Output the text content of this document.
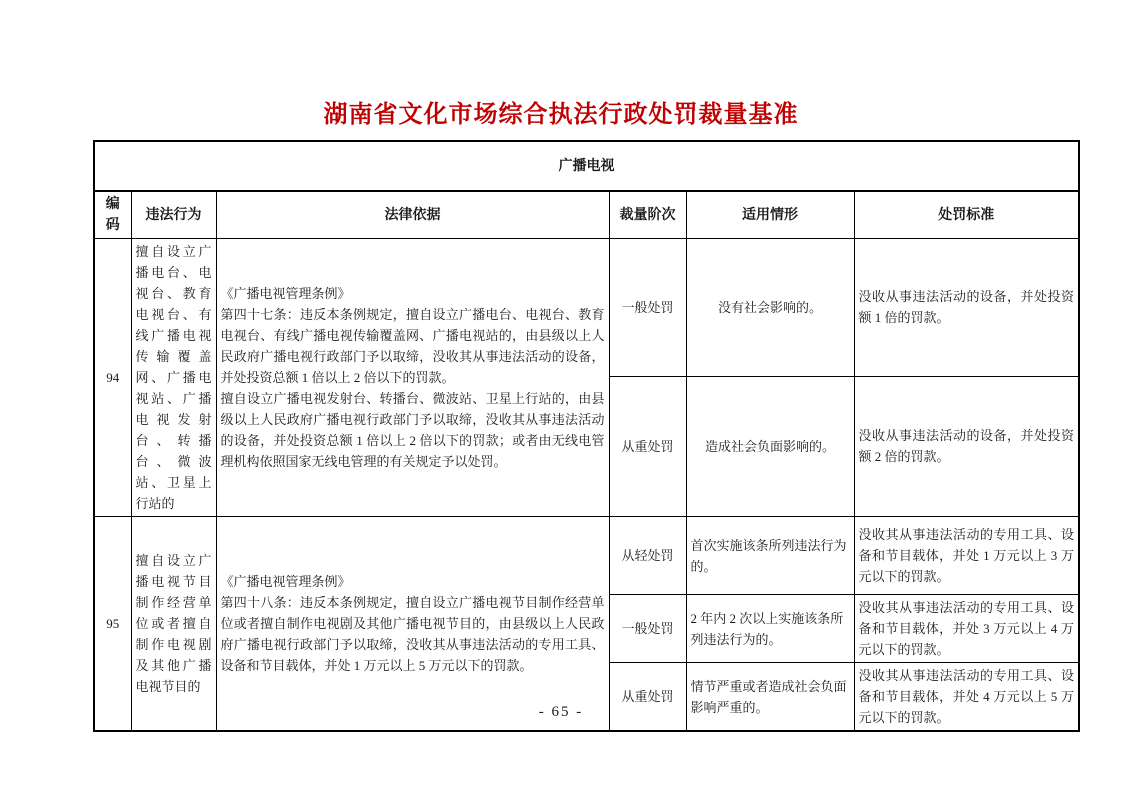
湖南省文化市场综合执法行政处罚裁量基准
广播电视					
编码	违法行为	法律依据	裁量阶次	适用情形	处罚标准
94	擅自设立广播电台、电视台、教育电视台、有线广播电视传输覆盖网、广播电视站、广播电视发射台、转播台、微波站、卫星上行站的	《广播电视管理条例》
第四十七条：违反本条例规定，擅自设立广播电台、电视台、教育电视台、有线广播电视传输覆盖网、广播电视站的，由县级以上人民政府广播电视行政部门予以取缔，没收其从事违法活动的设备，并处投资总额 1 倍以上 2 倍以下的罚款。
擅自设立广播电视发射台、转播台、微波站、卫星上行站的，由县级以上人民政府广播电视行政部门予以取缔，没收其从事违法活动的设备，并处投资总额 1 倍以上 2 倍以下的罚款；或者由无线电管理机构依照国家无线电管理的有关规定予以处罚。	一般处罚	没有社会影响的。	没收从事违法活动的设备，并处投资额 1 倍的罚款。
			从重处罚	造成社会负面影响的。	没收从事违法活动的设备，并处投资额 2 倍的罚款。
95	擅自设立广播电视节目制作经营单位或者擅自制作电视剧及其他广播电视节目的	《广播电视管理条例》
第四十八条：违反本条例规定，擅自设立广播电视节目制作经营单位或者擅自制作电视剧及其他广播电视节目的，由县级以上人民政府广播电视行政部门予以取缔，没收其从事违法活动的专用工具、设备和节目载体，并处 1 万元以上 5 万元以下的罚款。	从轻处罚	首次实施该条所列违法行为的。	没收其从事违法活动的专用工具、设备和节目载体，并处 1 万元以上 3 万元以下的罚款。
			一般处罚	2 年内 2 次以上实施该条所列违法行为的。	没收其从事违法活动的专用工具、设备和节目载体，并处 3 万元以上 4 万元以下的罚款。
			从重处罚	情节严重或者造成社会负面影响严重的。	没收其从事违法活动的专用工具、设备和节目载体，并处 4 万元以上 5 万元以下的罚款。
- 65 -
